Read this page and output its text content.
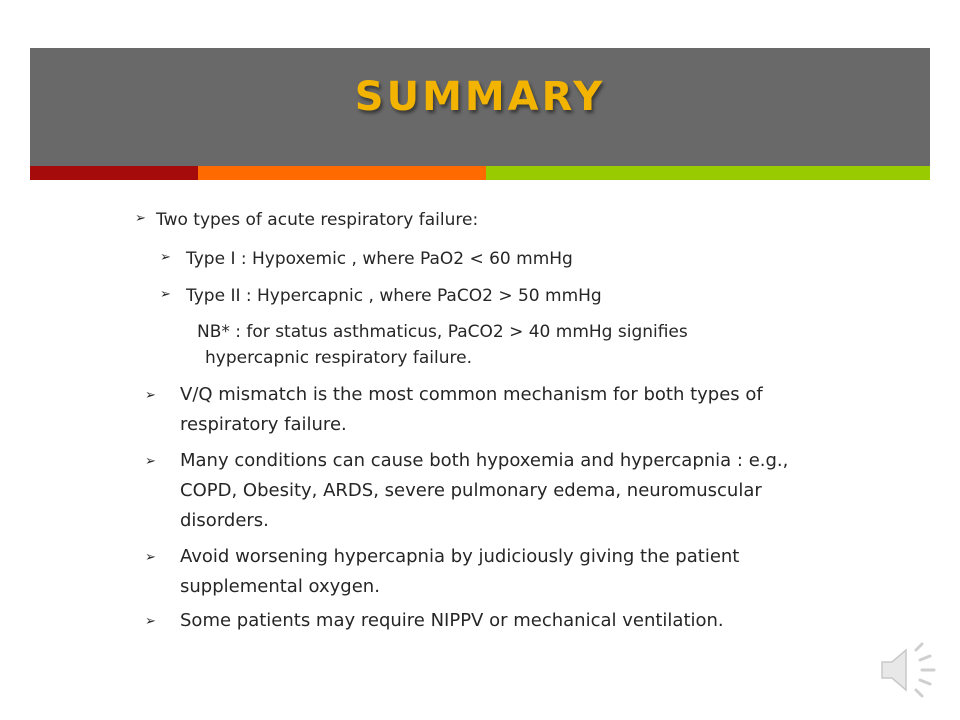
SUMMARY
➢ Two types of acute respiratory failure:
➢ Type I : Hypoxemic , where PaO2 < 60 mmHg
➢ Type II : Hypercapnic , where PaCO2 > 50 mmHg
NB* : for status asthmaticus, PaCO2 > 40 mmHg signifies
hypercapnic respiratory failure.
➢ V/Q mismatch is the most common mechanism for both types of
respiratory failure.
➢ Many conditions can cause both hypoxemia and hypercapnia : e.g.,
COPD, Obesity, ARDS, severe pulmonary edema, neuromuscular
disorders.
➢ Avoid worsening hypercapnia by judiciously giving the patient
supplemental oxygen.
➢ Some patients may require NIPPV or mechanical ventilation.
